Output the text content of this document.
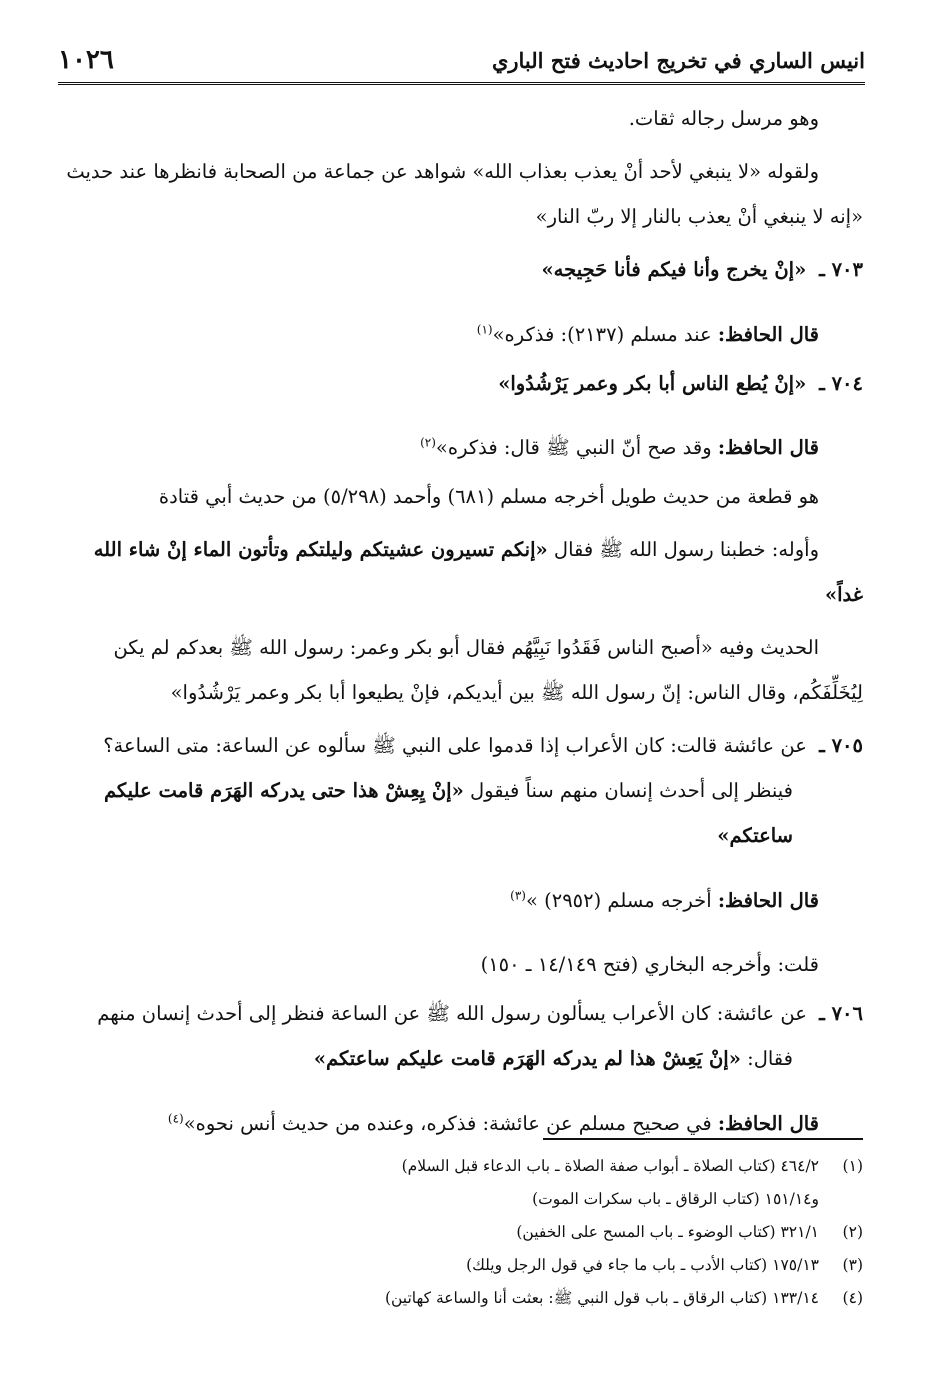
انيس الساري في تخريج احاديث فتح الباري
١٠٢٦

وهو مرسل رجاله ثقات.

ولقوله «لا ينبغي لأحد أنْ يعذب بعذاب الله» شواهد عن جماعة من الصحابة فانظرها عند حديث «إنه لا ينبغي أنْ يعذب بالنار إلا ربّ النار»

٧٠٣ ـ «إنْ يخرج وأنا فيكم فأنا حَجِيجه»

قال الحافظ: عند مسلم (٢١٣٧): فذكره»$^{(١)}$

٧٠٤ ـ «إنْ يُطع الناس أبا بكر وعمر يَرْشُدُوا»

قال الحافظ: وقد صح أنّ النبي ﷺ قال: فذكره»$^{(٢)}$

هو قطعة من حديث طويل أخرجه مسلم (٦٨١) وأحمد (٥/٢٩٨) من حديث أبي قتادة

وأوله: خطبنا رسول الله ﷺ فقال «إنكم تسيرون عشيتكم وليلتكم وتأتون الماء إنْ شاء الله غداً»

الحديث وفيه «أصبح الناس فَقَدُوا نَبِيَّهُم فقال أبو بكر وعمر: رسول الله ﷺ بعدكم لم يكن لِيُخَلِّفَكُم، وقال الناس: إنّ رسول الله ﷺ بين أيديكم، فإنْ يطيعوا أبا بكر وعمر يَرْشُدُوا»

٧٠٥ ـ عن عائشة قالت: كان الأعراب إذا قدموا على النبي ﷺ سألوه عن الساعة: متى الساعة؟ فينظر إلى أحدث إنسان منهم سناً فيقول «إنْ يِعِشْ هذا حتى يدركه الهَرَم قامت عليكم ساعتكم»

قال الحافظ: أخرجه مسلم (٢٩٥٢) »$^{(٣)}$

قلت: وأخرجه البخاري (فتح ١٤/١٤٩ ـ ١٥٠)

٧٠٦ ـ عن عائشة: كان الأعراب يسألون رسول الله ﷺ عن الساعة فنظر إلى أحدث إنسان منهم فقال: «إنْ يَعِشْ هذا لم يدركه الهَرَم قامت عليكم ساعتكم»

قال الحافظ: في صحيح مسلم عن عائشة: فذكره، وعنده من حديث أنس نحوه»$^{(٤)}$

(١)
٤٦٤/٢ (كتاب الصلاة ـ أبواب صفة الصلاة ـ باب الدعاء قبل السلام)
و١٥١/١٤ (كتاب الرقاق ـ باب سكرات الموت)
(٢)
٣٢١/١ (كتاب الوضوء ـ باب المسح على الخفين)
(٣)
١٧٥/١٣ (كتاب الأدب ـ باب ما جاء في قول الرجل ويلك)
(٤)
١٣٣/١٤ (كتاب الرقاق ـ باب قول النبي ﷺ: بعثت أنا والساعة كهاتين)
